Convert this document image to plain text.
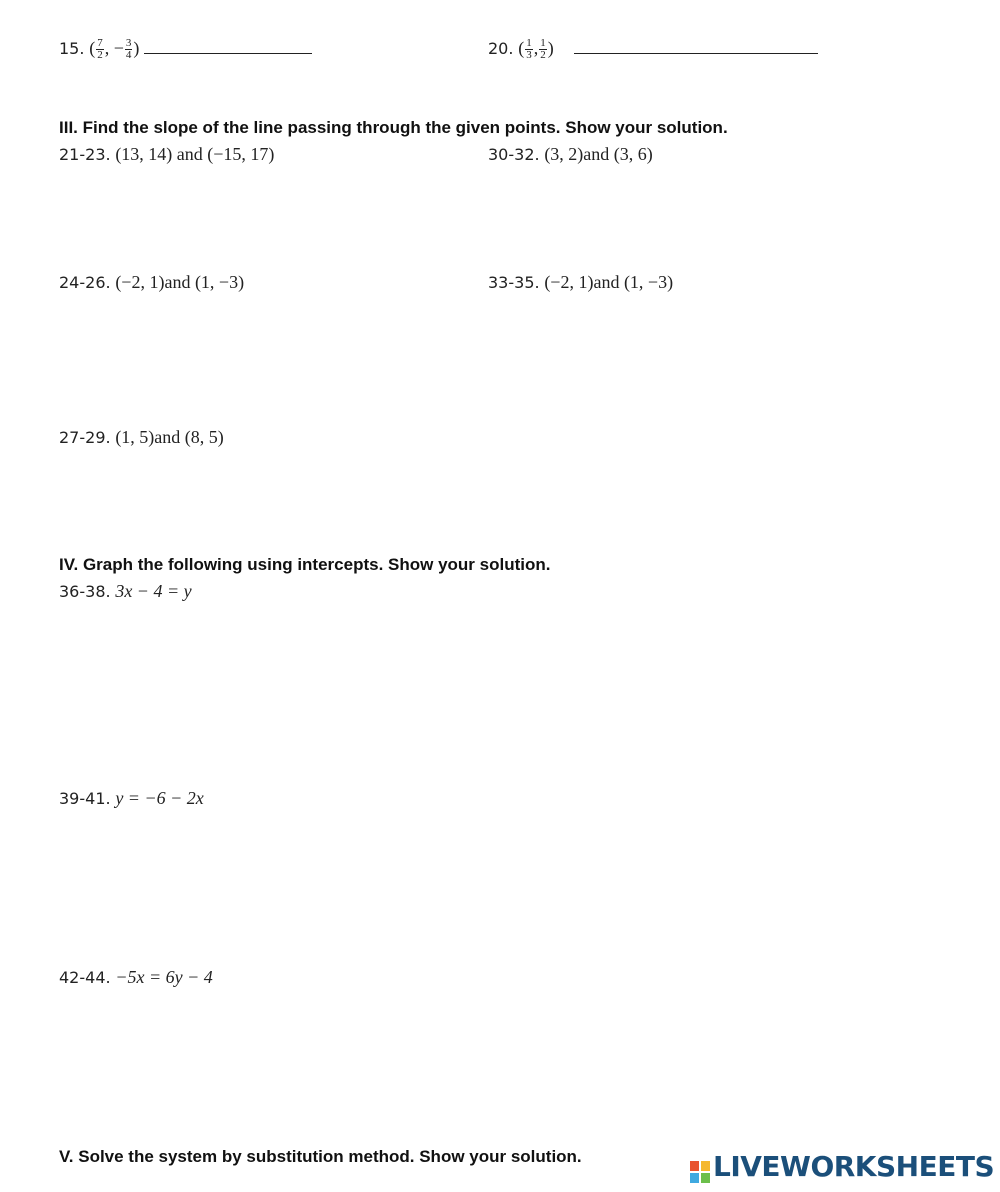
15. ( $\frac{7}{2}$ , − $\frac{3}{4}$ )	20. ( $\frac{1}{3}$ , $\frac{1}{2}$ )
III. Find the slope of the line passing through the given points. Show your solution.
21-23. (13, 14) and (−15, 17)	30-32. (3, 2)and (3, 6)
24-26. (−2, 1)and (1, −3)	33-35. (−2, 1)and (1, −3)
27-29. (1, 5)and (8, 5)
IV. Graph the following using intercepts. Show your solution.
36-38. 3x − 4 = y
39-41. y = −6 − 2x
42-44. −5x = 6y − 4
V. Solve the system by substitution method. Show your solution.	LIVEWORKSHEETS
